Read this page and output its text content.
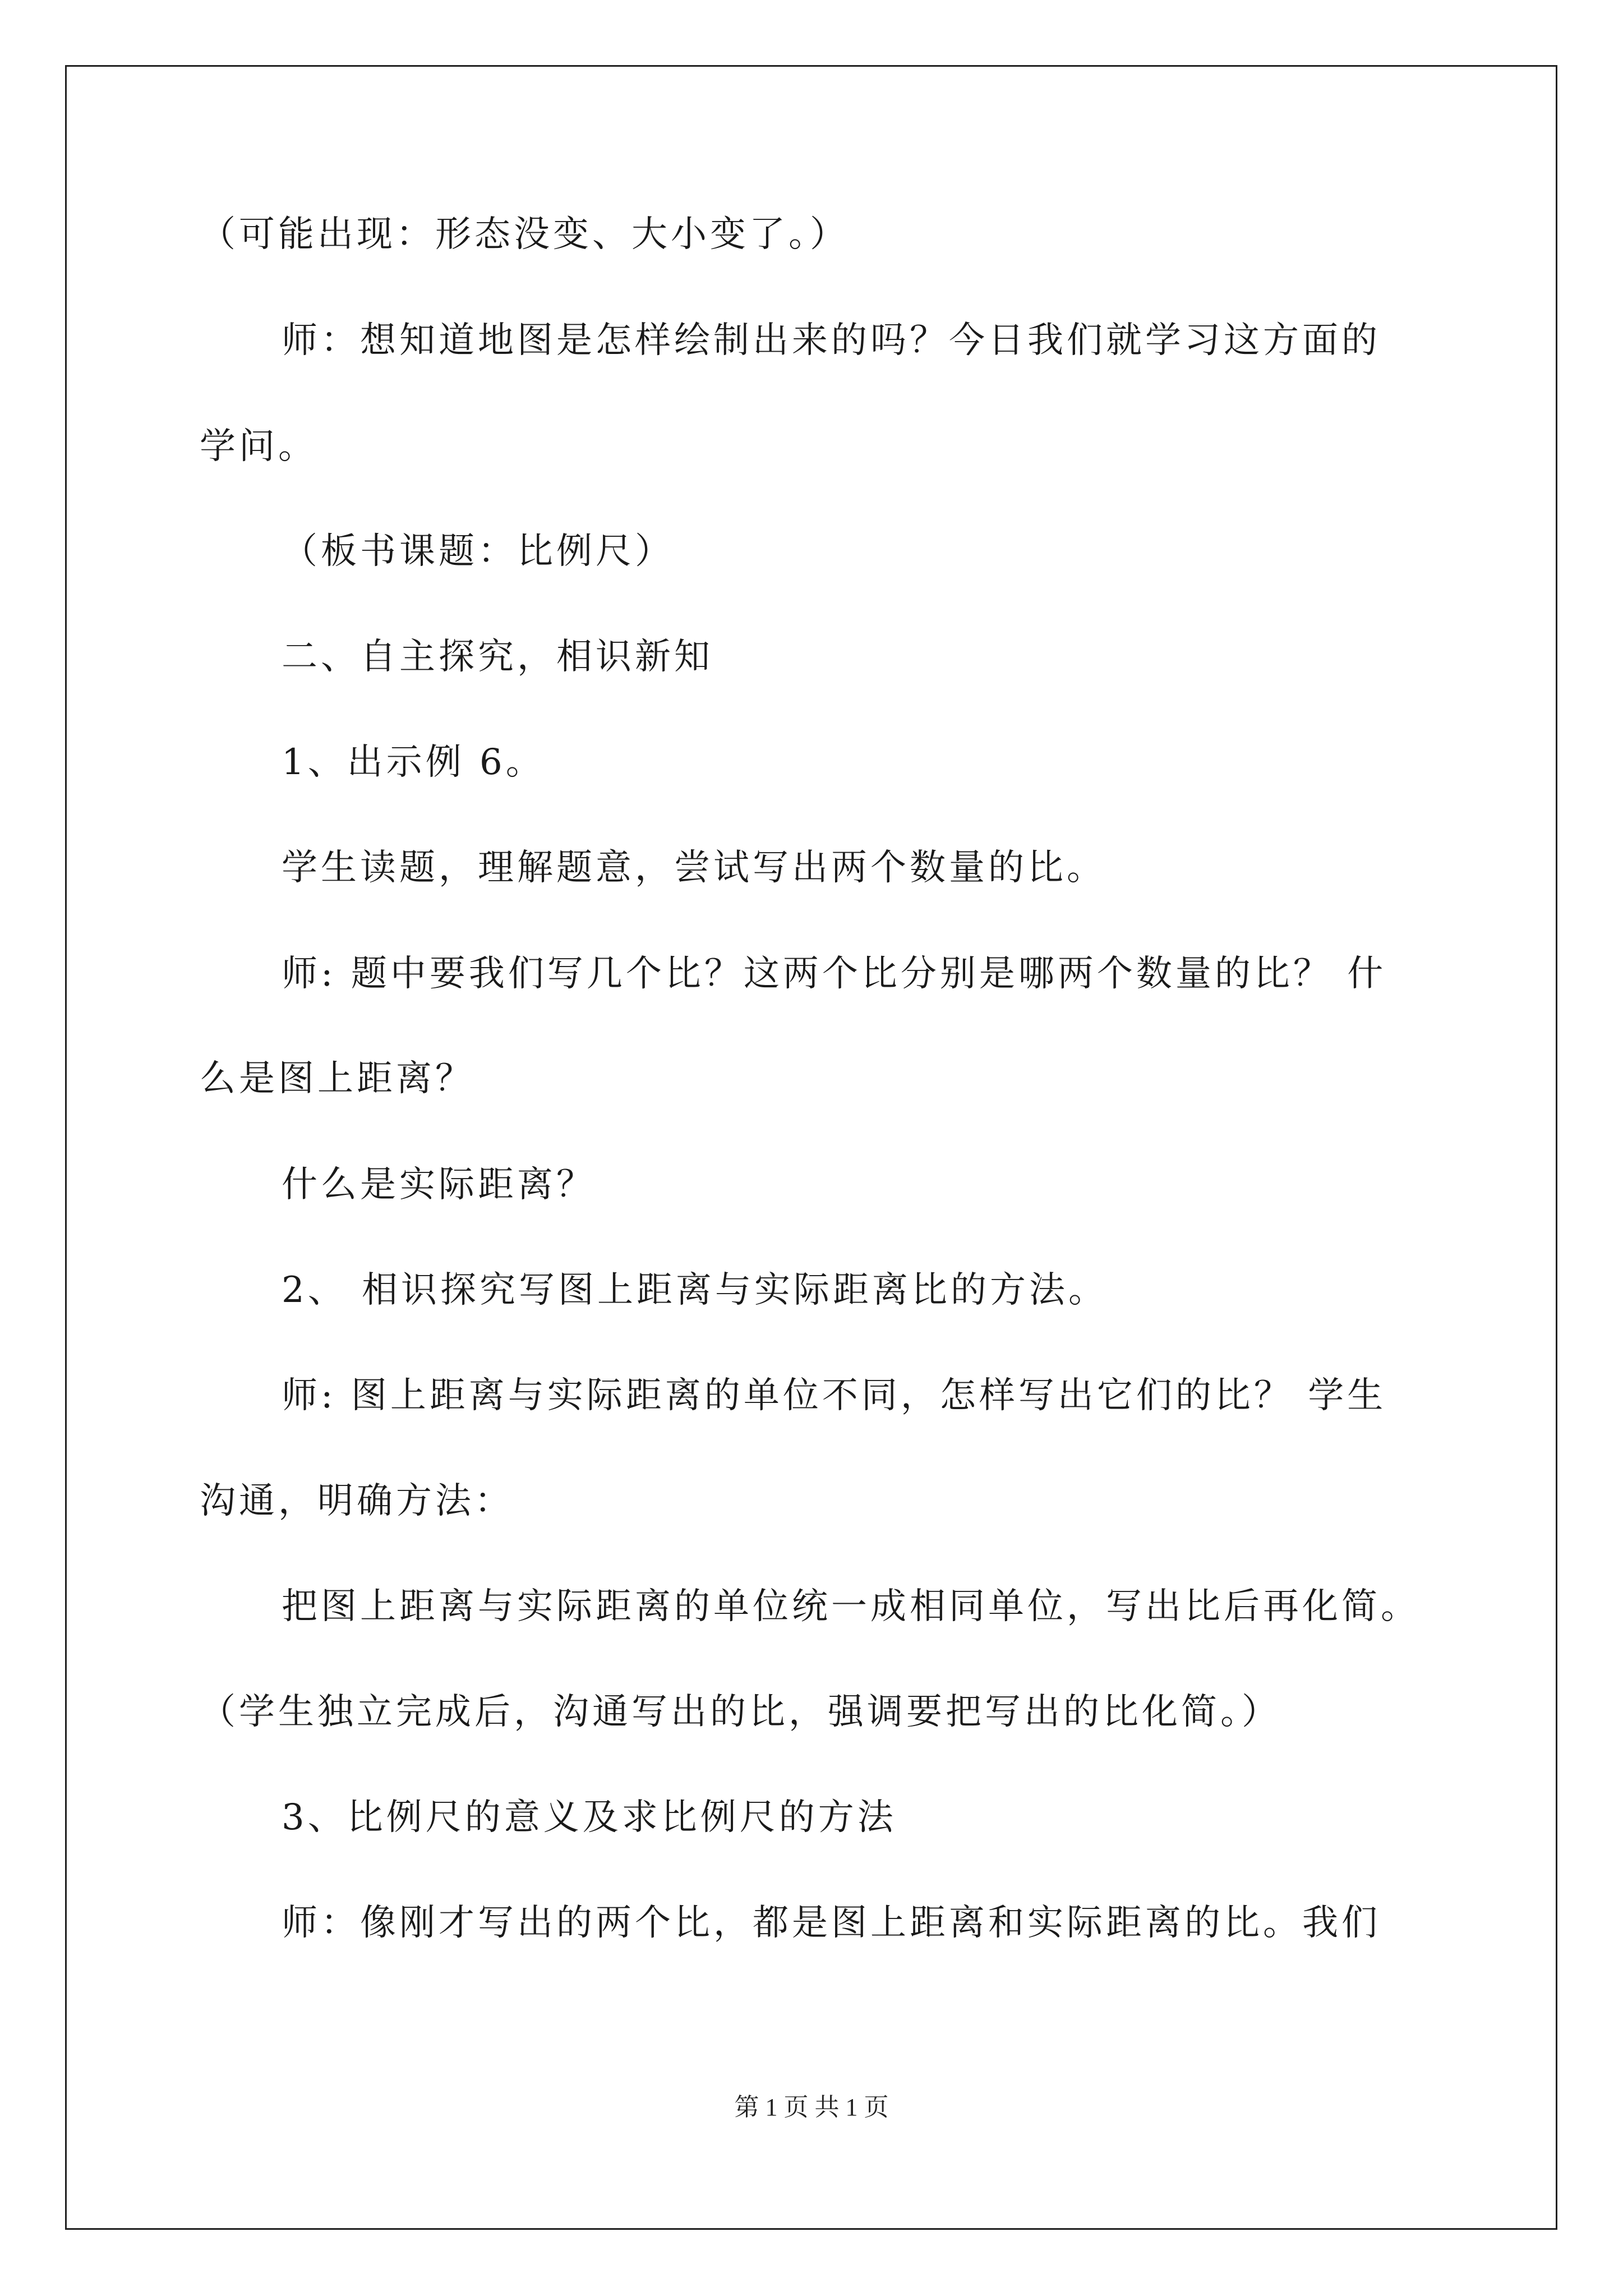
（可能出现：形态没变、大小变了。）
师：想知道地图是怎样绘制出来的吗？今日我们就学习这方面的
学问。
（板书课题：比例尺）
二、自主探究，相识新知
1、出示例 6。
学生读题，理解题意，尝试写出两个数量的比。
师: 题中要我们写几个比？这两个比分别是哪两个数量的比？ 什
么是图上距离？
什么是实际距离？
2、 相识探究写图上距离与实际距离比的方法。
师: 图上距离与实际距离的单位不同，怎样写出它们的比？ 学生
沟通，明确方法：
把图上距离与实际距离的单位统一成相同单位，写出比后再化简。
（学生独立完成后，沟通写出的比，强调要把写出的比化简。）
3、比例尺的意义及求比例尺的方法
师：像刚才写出的两个比，都是图上距离和实际距离的比。我们
第 1 页 共 1 页
